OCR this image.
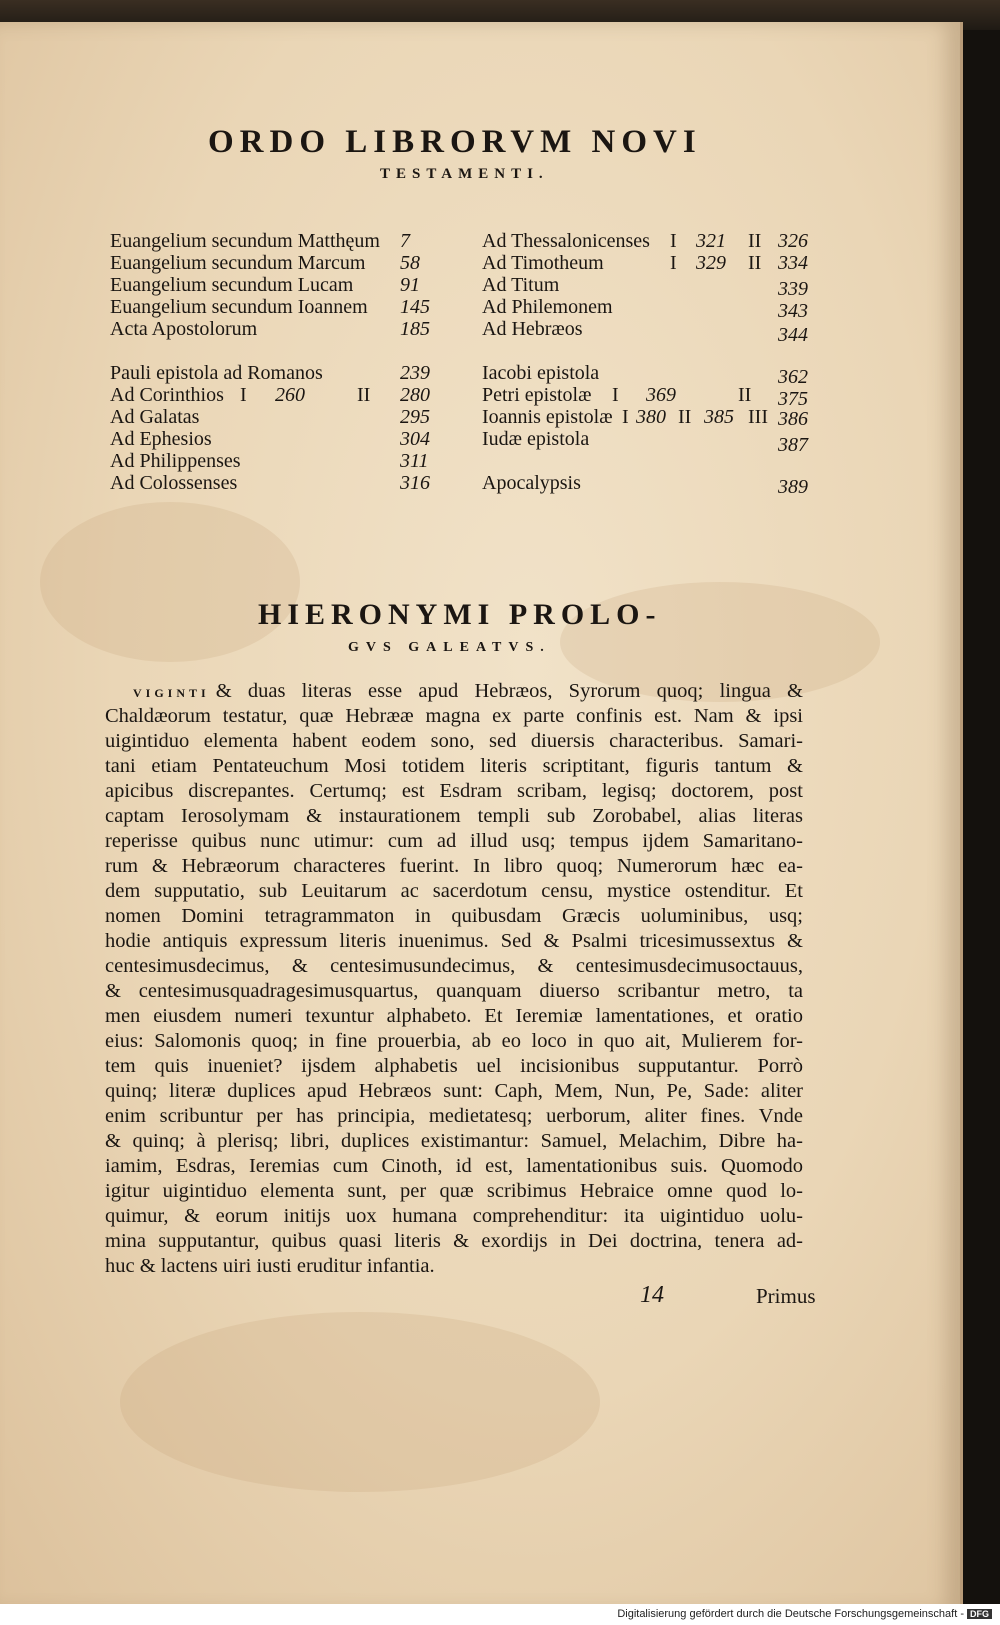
ORDO LIBRORVM NOVI
TESTAMENTI.
Euangelium secundum Matthęum 7
Euangelium secundum Marcum 58
Euangelium secundum Lucam 91
Euangelium secundum Ioannem 145
Acta Apostolorum	185
Pauli epistola ad Romanos	239
Ad Corinthios I 260	II 280
Ad Galatas	295
Ad Ephesios	304
Ad Philippenses	311
Ad Colossenses	316
Ad Thessalonicenses I 321 II 326
Ad Timotheum	I 329 II 334
Ad Titum	339
Ad Philemonem	343
Ad Hebræos	344
Iacobi epistola	362
Petri epistolæ I 369	II 375
Ioannis epistolæ I 380 II 385 III 386
Iudæ epistola	387
Apocalypsis	389
HIERONYMI PROLO-
GVS GALEATVS.
VIGINTI & duas literas esse apud Hebræos, Syrorum quoq; lingua &
Chaldæorum testatur, quæ Hebrææ magna ex parte confinis est. Nam & ipsi
uigintiduo elementa habent eodem sono, sed diuersis characteribus. Samari-
tani etiam Pentateuchum Mosi totidem literis scriptitant, figuris tantum &
apicibus discrepantes. Certumq; est Esdram scribam, legisq; doctorem, post
captam Ierosolymam & instaurationem templi sub Zorobabel, alias literas
reperisse quibus nunc utimur: cum ad illud usq; tempus ijdem Samaritano-
rum & Hebræorum characteres fuerint. In libro quoq; Numerorum hæc ea-
dem supputatio, sub Leuitarum ac sacerdotum censu, mystice ostenditur. Et
nomen Domini tetragrammaton in quibusdam Græcis uoluminibus, usq;
hodie antiquis expressum literis inuenimus. Sed & Psalmi tricesimussextus &
centesimusdecimus, & centesimusundecimus, & centesimusdecimusoctauus,
& centesimusquadragesimusquartus, quanquam diuerso scribantur metro, ta
men eiusdem numeri texuntur alphabeto. Et Ieremiæ lamentationes, et oratio
eius: Salomonis quoq; in fine prouerbia, ab eo loco in quo ait, Mulierem for-
tem quis inueniet? ijsdem alphabetis uel incisionibus supputantur. Porrò
quinq; literæ duplices apud Hebræos sunt: Caph, Mem, Nun, Pe, Sade: aliter
enim scribuntur per has principia, medietatesq; uerborum, aliter fines. Vnde
& quinq; à plerisq; libri, duplices existimantur: Samuel, Melachim, Dibre ha-
iamim, Esdras, Ieremias cum Cinoth, id est, lamentationibus suis. Quomodo
igitur uigintiduo elementa sunt, per quæ scribimus Hebraice omne quod lo-
quimur, & eorum initijs uox humana comprehenditur: ita uigintiduo uolu-
mina supputantur, quibus quasi literis & exordijs in Dei doctrina, tenera ad-
huc & lactens uiri iusti eruditur infantia.
14	Primus
Digitalisierung gefördert durch die Deutsche Forschungsgemeinschaft - DFG
